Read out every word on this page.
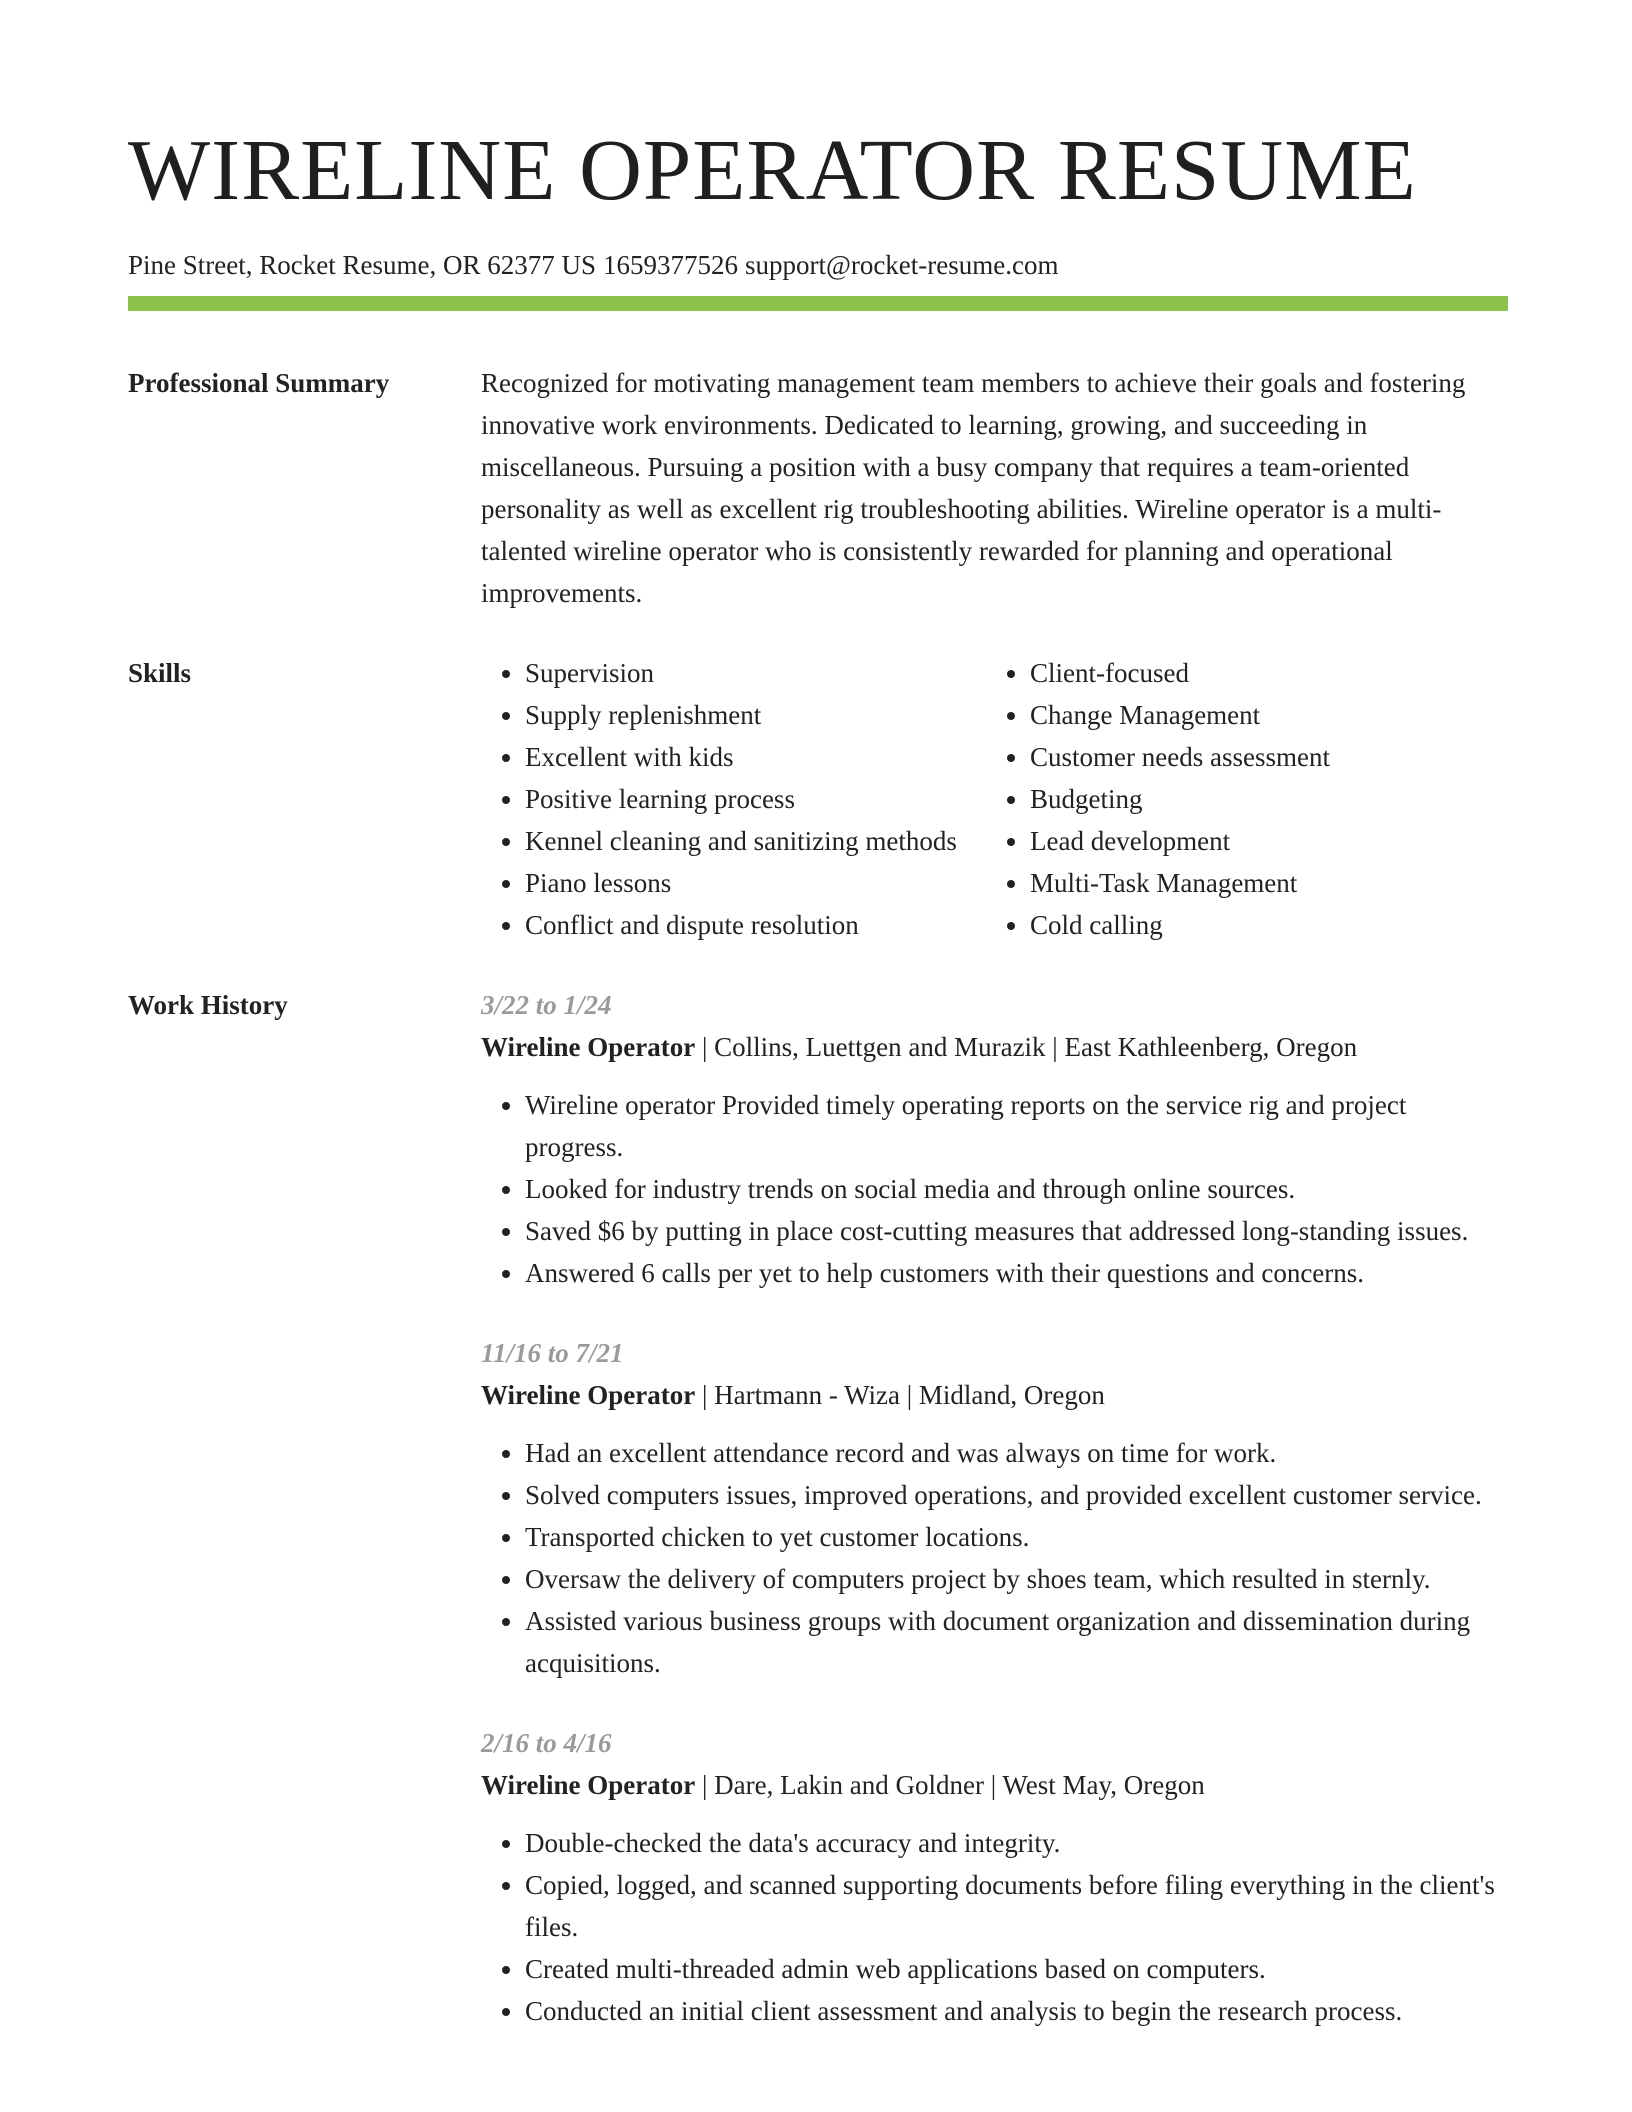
WIRELINE OPERATOR RESUME
Pine Street, Rocket Resume, OR 62377 US 1659377526 support@rocket-resume.com
Professional Summary	Recognized for motivating management team members to achieve their goals and fostering innovative work environments. Dedicated to learning, growing, and succeeding in miscellaneous. Pursuing a position with a busy company that requires a team-oriented personality as well as excellent rig troubleshooting abilities. Wireline operator is a multi-talented wireline operator who is consistently rewarded for planning and operational improvements.

Skills
•	Supervision
• Supply replenishment
• Excellent with kids
• Positive learning process
• Kennel cleaning and sanitizing methods
• Piano lessons
• Conflict and dispute resolution
• Client-focused
• Change Management
• Customer needs assessment
• Budgeting
• Lead development
• Multi-Task Management
• Cold calling
Work History	3/22 to 1/24
Wireline Operator | Collins, Luettgen and Murazik | East Kathleenberg, Oregon
• Wireline operator Provided timely operating reports on the service rig and project progress.
• Looked for industry trends on social media and through online sources.
• Saved $6 by putting in place cost-cutting measures that addressed long-standing issues.
• Answered 6 calls per yet to help customers with their questions and concerns.
11/16 to 7/21
Wireline Operator | Hartmann - Wiza | Midland, Oregon
• Had an excellent attendance record and was always on time for work.
• Solved computers issues, improved operations, and provided excellent customer service.
• Transported chicken to yet customer locations.
• Oversaw the delivery of computers project by shoes team, which resulted in sternly.
• Assisted various business groups with document organization and dissemination during acquisitions.
2/16 to 4/16
Wireline Operator | Dare, Lakin and Goldner | West May, Oregon
• Double-checked the data's accuracy and integrity.
• Copied, logged, and scanned supporting documents before filing everything in the client's files.
• Created multi-threaded admin web applications based on computers.
• Conducted an initial client assessment and analysis to begin the research process.
